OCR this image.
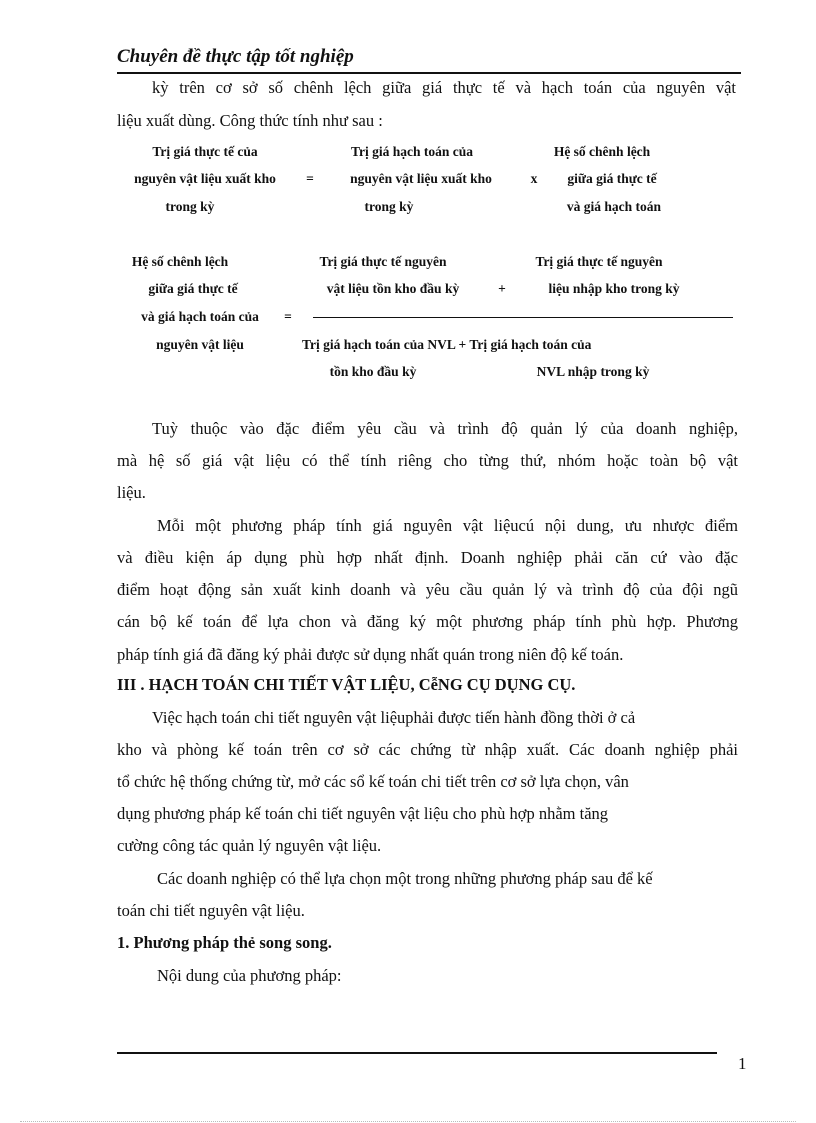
Chuyên đề thực tập tốt nghiệp
kỳ trên cơ sở số chênh lệch giữa giá thực tế và hạch toán của nguyên vật
liệu xuất dùng. Công thức tính như sau :
Trị giá thực tế của
nguyên vật liệu xuất kho
trong kỳ
=
Trị giá hạch toán của
nguyên vật liệu xuất kho
trong kỳ
x
Hệ số chênh lệch
giữa giá thực tế
và giá hạch toán
Hệ số chênh lệch
giữa giá thực tế
và giá hạch toán của	=
nguyên vật liệu
Trị giá thực tế nguyên
vật liệu tồn kho đầu kỳ	+
Trị giá thực tế nguyên
liệu nhập kho trong kỳ
Trị giá hạch toán của NVL + Trị giá hạch toán của
tồn kho đầu kỳ	NVL nhập trong kỳ
Tuỳ thuộc vào đặc điểm yêu cầu và trình độ quản lý của doanh nghiệp,
mà hệ số giá vật liệu có thể tính riêng cho từng thứ, nhóm hoặc toàn bộ vật
liệu.
Mỗi một phương pháp tính giá nguyên vật liệucú nội dung, ưu nhược điểm
và điều kiện áp dụng phù hợp nhất định. Doanh nghiệp phải căn cứ vào đặc
điểm hoạt động sản xuất kinh doanh và yêu cầu quản lý và trình độ của đội ngũ
cán bộ kế toán để lựa chon và đăng ký một phương pháp tính phù hợp. Phương
pháp tính giá đã đăng ký phải được sử dụng nhất quán trong niên độ kế toán.
III . HẠCH TOÁN CHI TIẾT VẬT LIỆU, CễNG CỤ DỤNG CỤ.
Việc hạch toán chi tiết nguyên vật liệuphải được tiến hành đồng thời ở cả
kho và phòng kế toán trên cơ sở các chứng từ nhập xuất. Các doanh nghiệp phải
tổ chức hệ thống chứng từ, mở các sổ kế toán chi tiết trên cơ sở lựa chọn, vân
dụng phương pháp kế toán chi tiết nguyên vật liệu cho phù hợp nhằm tăng
cường công tác quản lý nguyên vật liệu.
Các doanh nghiệp có thể lựa chọn một trong những phương pháp sau để kế
toán chi tiết nguyên vật liệu.
1. Phương pháp thẻ song song.
Nội dung của phương pháp:
1
